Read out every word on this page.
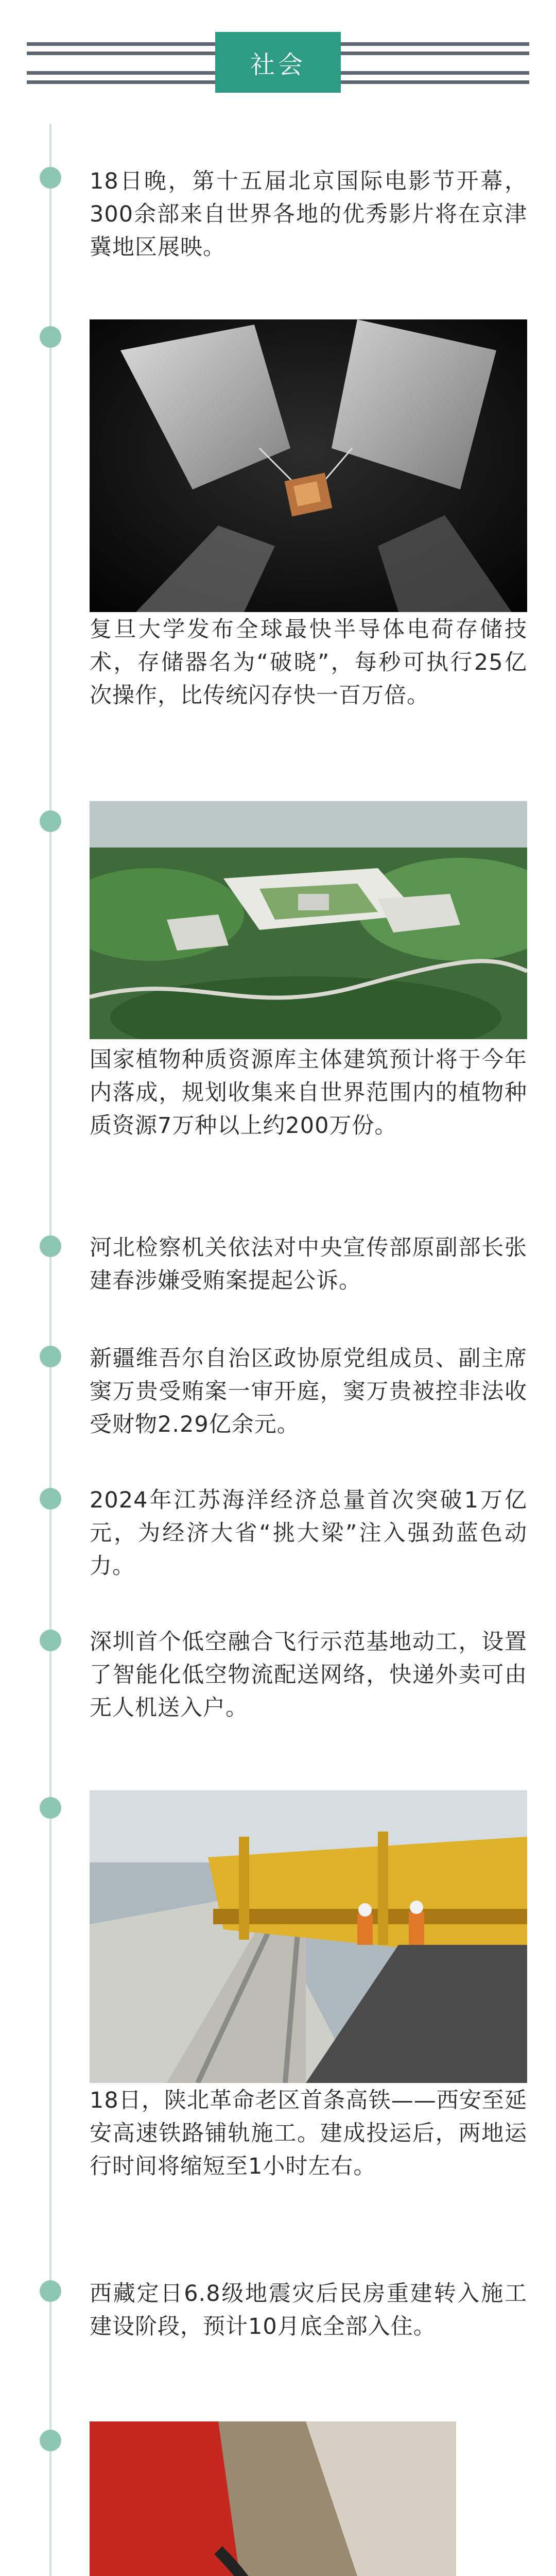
社会
18日晚，第十五届北京国际电影节开幕，300余部来自世界各地的优秀影片将在京津冀地区展映。
复旦大学发布全球最快半导体电荷存储技术，存储器名为“破晓”，每秒可执行25亿次操作，比传统闪存快一百万倍。
国家植物种质资源库主体建筑预计将于今年内落成，规划收集来自世界范围内的植物种质资源7万种以上约200万份。
河北检察机关依法对中央宣传部原副部长张建春涉嫌受贿案提起公诉。
新疆维吾尔自治区政协原党组成员、副主席窦万贵受贿案一审开庭，窦万贵被控非法收受财物2.29亿余元。
2024年江苏海洋经济总量首次突破1万亿元，为经济大省“挑大梁”注入强劲蓝色动力。
深圳首个低空融合飞行示范基地动工，设置了智能化低空物流配送网络，快递外卖可由无人机送入户。
18日，陕北革命老区首条高铁——西安至延安高速铁路铺轨施工。建成投运后，两地运行时间将缩短至1小时左右。
西藏定日6.8级地震灾后民房重建转入施工建设阶段，预计10月底全部入住。
